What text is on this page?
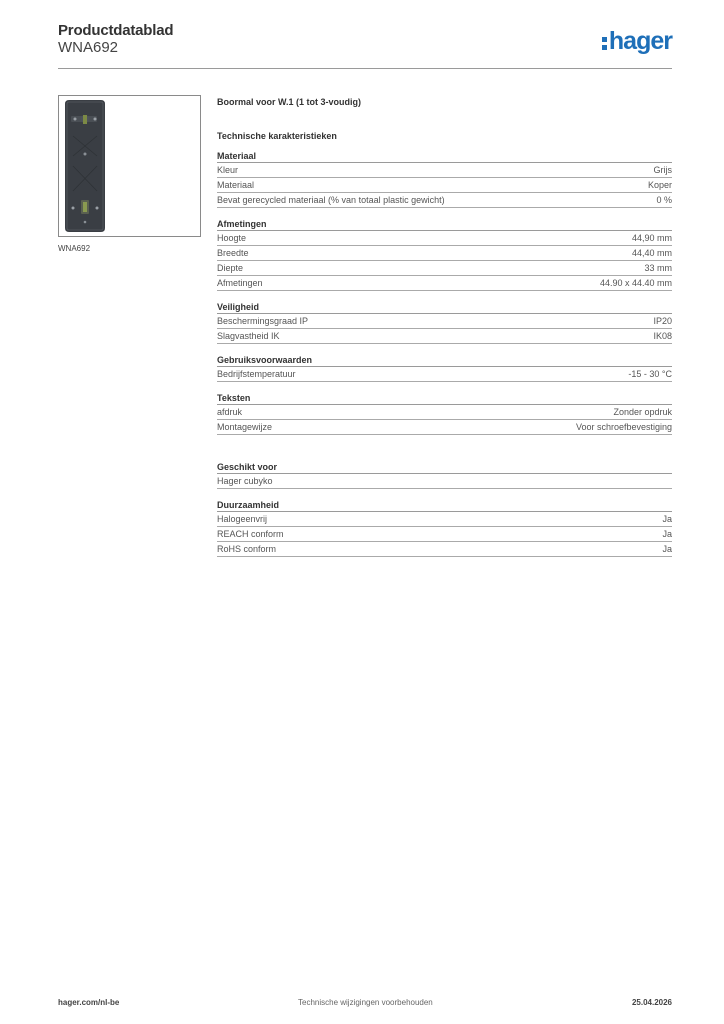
Productdatablad
WNA692	hager
WNA692
Boormal voor W.1 (1 tot 3-voudig)
Technische karakteristieken
Materiaal
Kleur	Grijs
Materiaal	Koper
Bevat gerecycled materiaal (% van totaal plastic gewicht)	0 %
Afmetingen
Hoogte	44,90 mm
Breedte	44,40 mm
Diepte	33 mm
Afmetingen	44.90 x 44.40 mm
Veiligheid
Beschermingsgraad IP	IP20
Slagvastheid IK	IK08
Gebruiksvoorwaarden
Bedrijfstemperatuur	-15 - 30 °C
Teksten
afdruk	Zonder opdruk
Montagewijze	Voor schroefbevestiging
Geschikt voor
Hager cubyko
Duurzaamheid
Halogeenvrij	Ja
REACH conform	Ja
RoHS conform	Ja
hager.com/nl-be	Technische wijzigingen voorbehouden	25.04.2026
